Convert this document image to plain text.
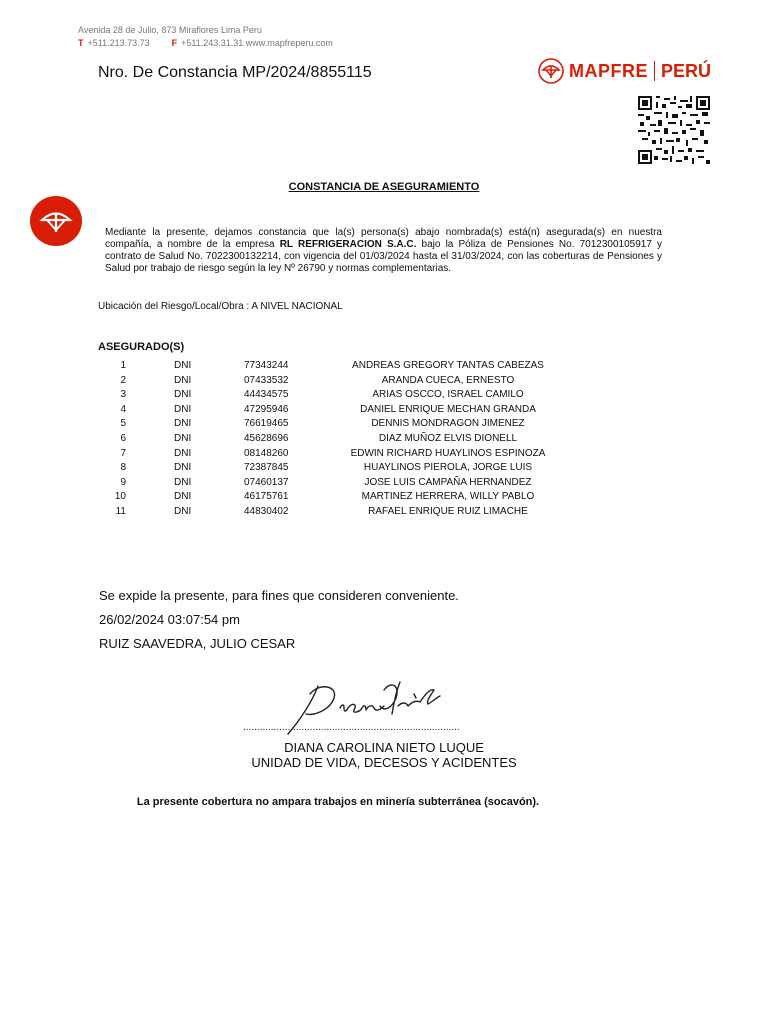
Avenida 28 de Julio, 873 Miraflores Lima Peru
T +511.213.73.73 F +511.243.31.31 www.mapfreperu.com
Nro. De Constancia MP/2024/8855115	MAPFRE PERÚ
CONSTANCIA DE ASEGURAMIENTO
Mediante la presente, dejamos constancia que la(s) persona(s) abajo nombrada(s) está(n) asegurada(s) en nuestra compañía, a nombre de la empresa RL REFRIGERACION S.A.C. bajo la Póliza de Pensiones No. 7012300105917 y contrato de Salud No. 7022300132214, con vigencia del 01/03/2024 hasta el 31/03/2024, con las coberturas de Pensiones y Salud por trabajo de riesgo según la ley Nº 26790 y normas complementarias.
Ubicación del Riesgo/Local/Obra : A NIVEL NACIONAL
ASEGURADO(S)
1	DNI	77343244	ANDREAS GREGORY TANTAS CABEZAS
2	DNI	07433532	ARANDA CUECA, ERNESTO
3	DNI	44434575	ARIAS OSCCO, ISRAEL CAMILO
4	DNI	47295946	DANIEL ENRIQUE MECHAN GRANDA
5	DNI	76619465	DENNIS MONDRAGON JIMENEZ
6	DNI	45628696	DIAZ MUÑOZ ELVIS DIONELL
7	DNI	08148260	EDWIN RICHARD HUAYLINOS ESPINOZA
8	DNI	72387845	HUAYLINOS PIEROLA, JORGE LUIS
9	DNI	07460137	JOSE LUIS CAMPAÑA HERNANDEZ
10	DNI	46175761	MARTINEZ HERRERA, WILLY PABLO
11	DNI	44830402	RAFAEL ENRIQUE RUIZ LIMACHE
Se expide la presente, para fines que consideren conveniente.
26/02/2024 03:07:54 pm
RUIZ SAAVEDRA, JULIO CESAR
..............................................................................
DIANA CAROLINA NIETO LUQUE
UNIDAD DE VIDA, DECESOS Y ACIDENTES
La presente cobertura no ampara trabajos en minería subterránea (socavón).
